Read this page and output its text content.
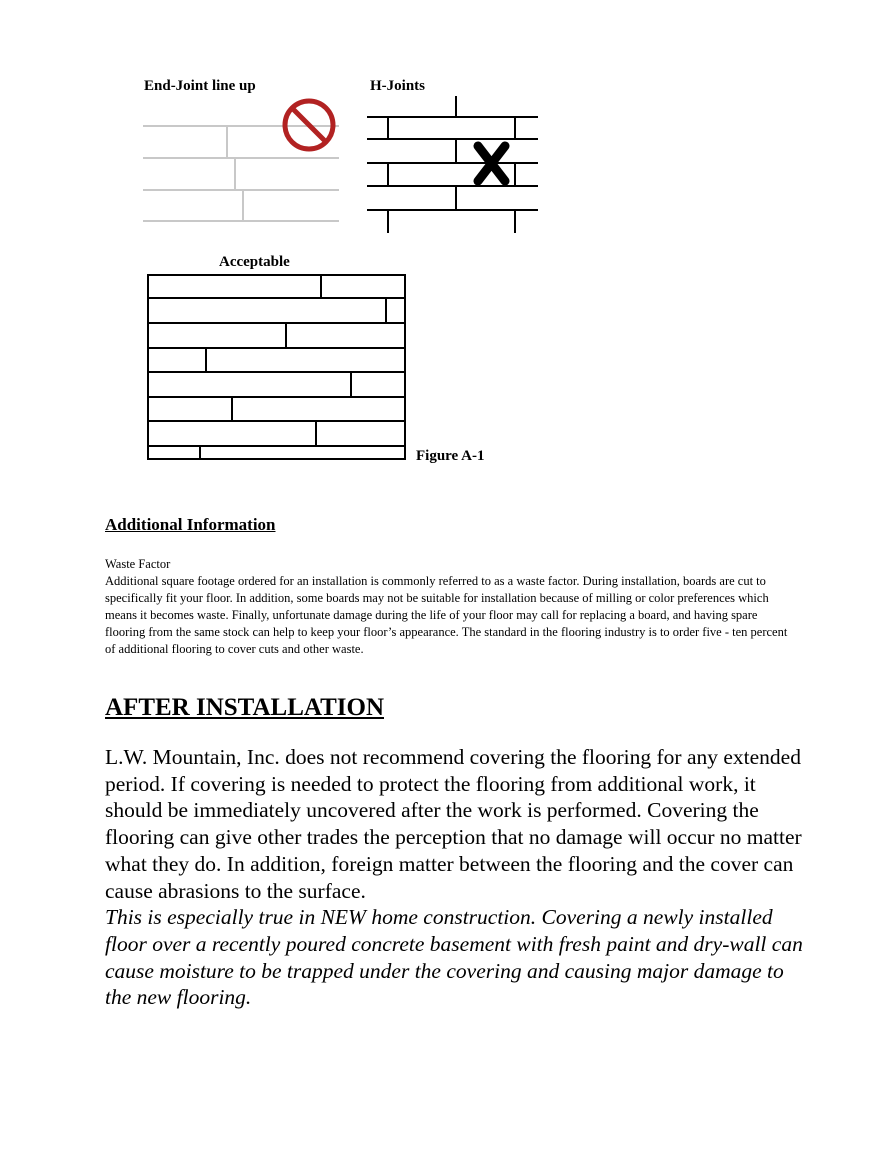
End-Joint line up	H-Joints
Acceptable
Figure A-1
Additional Information
Waste Factor
Additional square footage ordered for an installation is commonly referred to as a waste factor. During installation, boards are cut to specifically fit your floor. In addition, some boards may not be suitable for installation because of milling or color preferences which means it becomes waste. Finally, unfortunate damage during the life of your floor may call for replacing a board, and having spare flooring from the same stock can help to keep your floor’s appearance. The standard in the flooring industry is to order five - ten percent of additional flooring to cover cuts and other waste.
AFTER INSTALLATION

L.W. Mountain, Inc. does not recommend covering the flooring for any extended period. If covering is needed to protect the flooring from additional work, it should be immediately uncovered after the work is performed. Covering the flooring can give other trades the perception that no damage will occur no matter what they do. In addition, foreign matter between the flooring and the cover can cause abrasions to the surface.

This is especially true in NEW home construction. Covering a newly installed floor over a recently poured concrete basement with fresh paint and dry-wall can cause moisture to be trapped under the covering and causing major damage to the new flooring.
